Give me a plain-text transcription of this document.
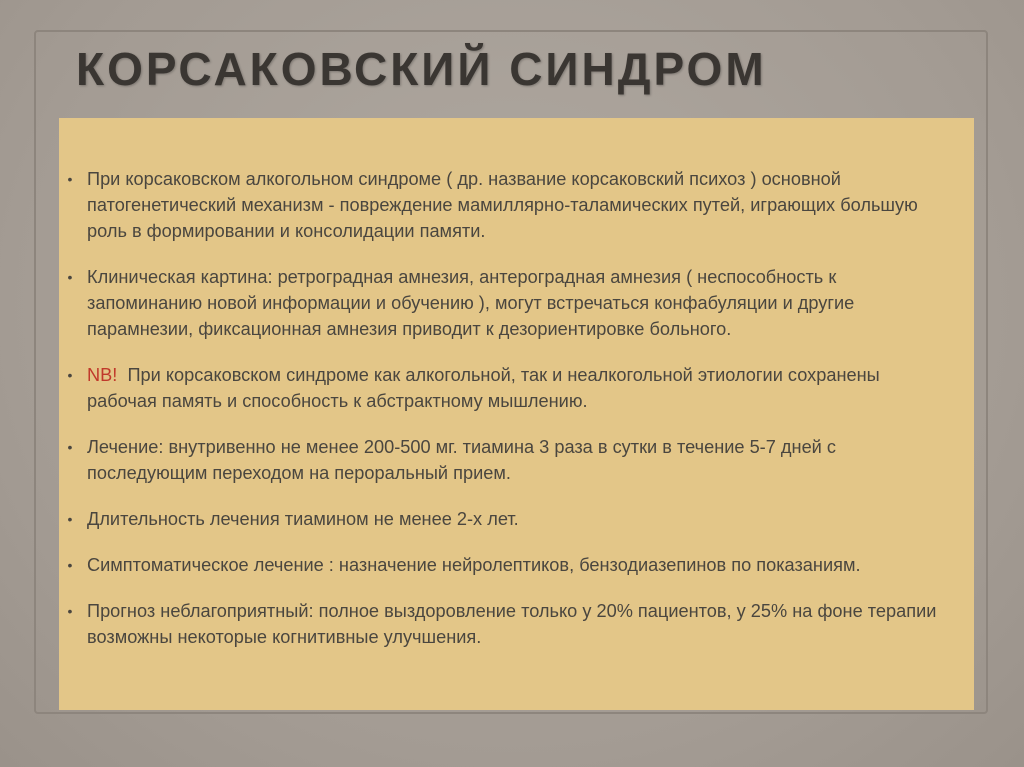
КОРСАКОВСКИЙ СИНДРОМ
• При корсаковском алкогольном синдроме ( др. название корсаковский психоз ) основной патогенетический механизм - повреждение мамиллярно-таламических путей, играющих большую роль в формировании и консолидации памяти.
• Клиническая картина: ретроградная амнезия, антероградная амнезия ( неспособность к запоминанию новой информации и обучению ), могут встречаться конфабуляции и другие парамнезии, фиксационная амнезия приводит к дезориентировке больного.
• NB! При корсаковском синдроме как алкогольной, так и неалкогольной этиологии сохранены рабочая память и способность к абстрактному мышлению.
• Лечение: внутривенно не менее 200-500 мг. тиамина 3 раза в сутки в течение 5-7 дней с последующим переходом на пероральный прием.
• Длительность лечения тиамином не менее 2-х лет.
• Симптоматическое лечение : назначение нейролептиков, бензодиазепинов по показаниям.
• Прогноз неблагоприятный: полное выздоровление только у 20% пациентов, у 25% на фоне терапии возможны некоторые когнитивные улучшения.
